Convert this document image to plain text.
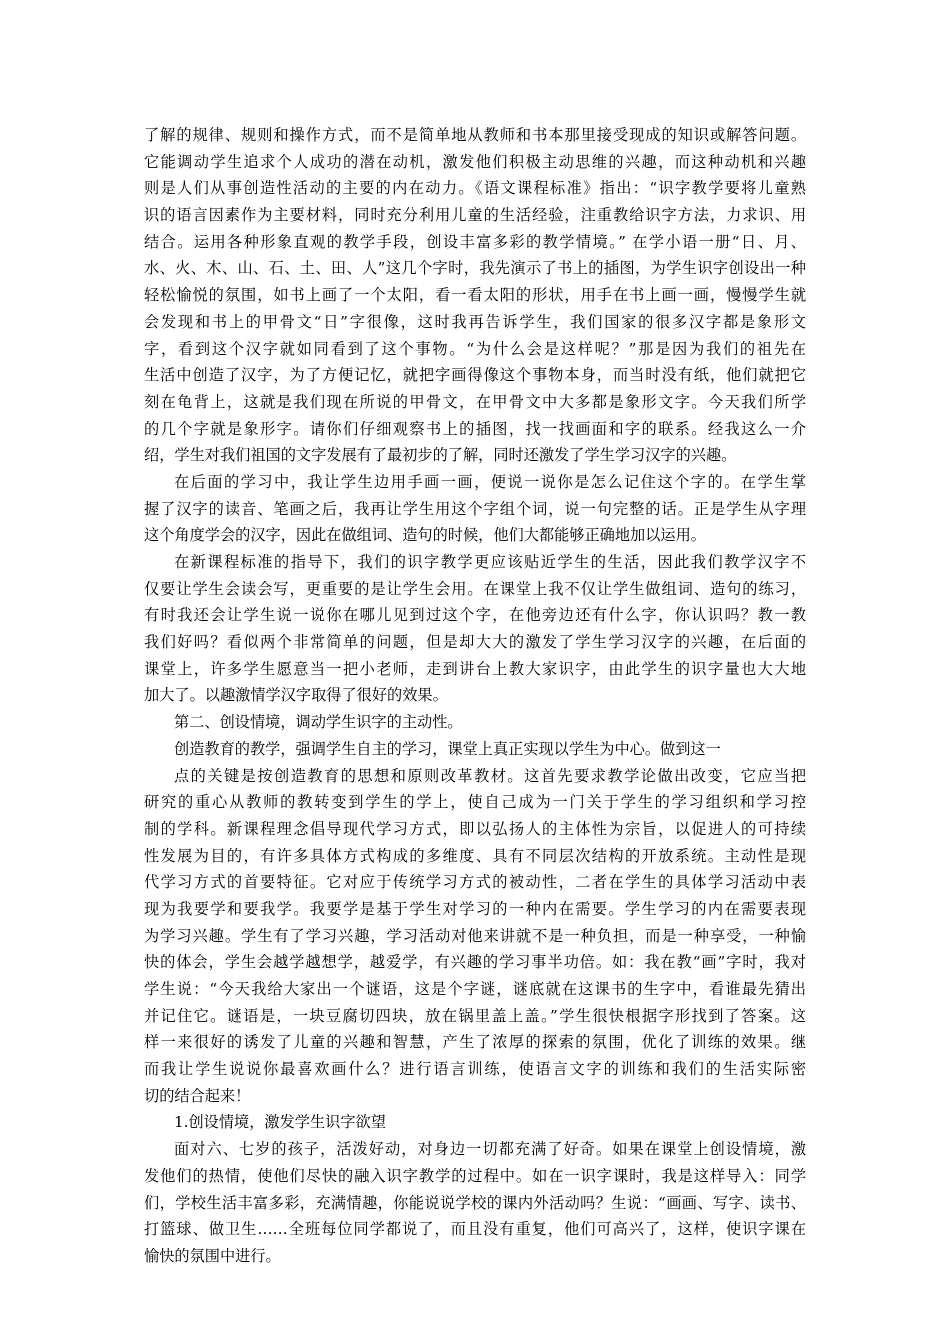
了解的规律、规则和操作方式，而不是简单地从教师和书本那里接受现成的知识或解答问题。
它能调动学生追求个人成功的潜在动机，激发他们积极主动思维的兴趣，而这种动机和兴趣
则是人们从事创造性活动的主要的内在动力。《语文课程标准》指出：“识字教学要将儿童熟
识的语言因素作为主要材料，同时充分利用儿童的生活经验，注重教给识字方法，力求识、用
结合。运用各种形象直观的教学手段，创设丰富多彩的教学情境。” 在学小语一册“日、月、
水、火、木、山、石、土、田、人”这几个字时，我先演示了书上的插图，为学生识字创设出一种
轻松愉悦的氛围，如书上画了一个太阳，看一看太阳的形状，用手在书上画一画，慢慢学生就
会发现和书上的甲骨文“日”字很像，这时我再告诉学生，我们国家的很多汉字都是象形文
字，看到这个汉字就如同看到了这个事物。“为什么会是这样呢？”那是因为我们的祖先在
生活中创造了汉字，为了方便记忆，就把字画得像这个事物本身，而当时没有纸，他们就把它
刻在龟背上，这就是我们现在所说的甲骨文，在甲骨文中大多都是象形文字。今天我们所学
的几个字就是象形字。请你们仔细观察书上的插图，找一找画面和字的联系。经我这么一介
绍，学生对我们祖国的文字发展有了最初步的了解，同时还激发了学生学习汉字的兴趣。
在后面的学习中，我让学生边用手画一画，便说一说你是怎么记住这个字的。在学生掌
握了汉字的读音、笔画之后，我再让学生用这个字组个词，说一句完整的话。正是学生从字理
这个角度学会的汉字，因此在做组词、造句的时候，他们大都能够正确地加以运用。
在新课程标准的指导下，我们的识字教学更应该贴近学生的生活，因此我们教学汉字不
仅要让学生会读会写，更重要的是让学生会用。在课堂上我不仅让学生做组词、造句的练习，
有时我还会让学生说一说你在哪儿见到过这个字，在他旁边还有什么字，你认识吗？教一教
我们好吗？看似两个非常简单的问题，但是却大大的激发了学生学习汉字的兴趣，在后面的
课堂上，许多学生愿意当一把小老师，走到讲台上教大家识字，由此学生的识字量也大大地
加大了。以趣激情学汉字取得了很好的效果。
第二、创设情境，调动学生识字的主动性。
创造教育的教学，强调学生自主的学习，课堂上真正实现以学生为中心。做到这一
点的关键是按创造教育的思想和原则改革教材。这首先要求教学论做出改变，它应当把
研究的重心从教师的教转变到学生的学上，使自己成为一门关于学生的学习组织和学习控
制的学科。新课程理念倡导现代学习方式，即以弘扬人的主体性为宗旨，以促进人的可持续
性发展为目的，有许多具体方式构成的多维度、具有不同层次结构的开放系统。主动性是现
代学习方式的首要特征。它对应于传统学习方式的被动性，二者在学生的具体学习活动中表
现为我要学和要我学。我要学是基于学生对学习的一种内在需要。学生学习的内在需要表现
为学习兴趣。学生有了学习兴趣，学习活动对他来讲就不是一种负担，而是一种享受，一种愉
快的体会，学生会越学越想学，越爱学，有兴趣的学习事半功倍。如：我在教“画”字时，我对
学生说：“今天我给大家出一个谜语，这是个字谜，谜底就在这课书的生字中，看谁最先猜出
并记住它。谜语是，一块豆腐切四块，放在锅里盖上盖。”学生很快根据字形找到了答案。这
样一来很好的诱发了儿童的兴趣和智慧，产生了浓厚的探索的氛围，优化了训练的效果。继
而我让学生说说你最喜欢画什么？进行语言训练，使语言文字的训练和我们的生活实际密
切的结合起来！
1.创设情境，激发学生识字欲望
面对六、七岁的孩子，活泼好动，对身边一切都充满了好奇。如果在课堂上创设情境，激
发他们的热情，使他们尽快的融入识字教学的过程中。如在一识字课时，我是这样导入：同学
们，学校生活丰富多彩，充满情趣，你能说说学校的课内外活动吗？生说：“画画、写字、读书、
打篮球、做卫生……全班每位同学都说了，而且没有重复，他们可高兴了，这样，使识字课在
愉快的氛围中进行。
